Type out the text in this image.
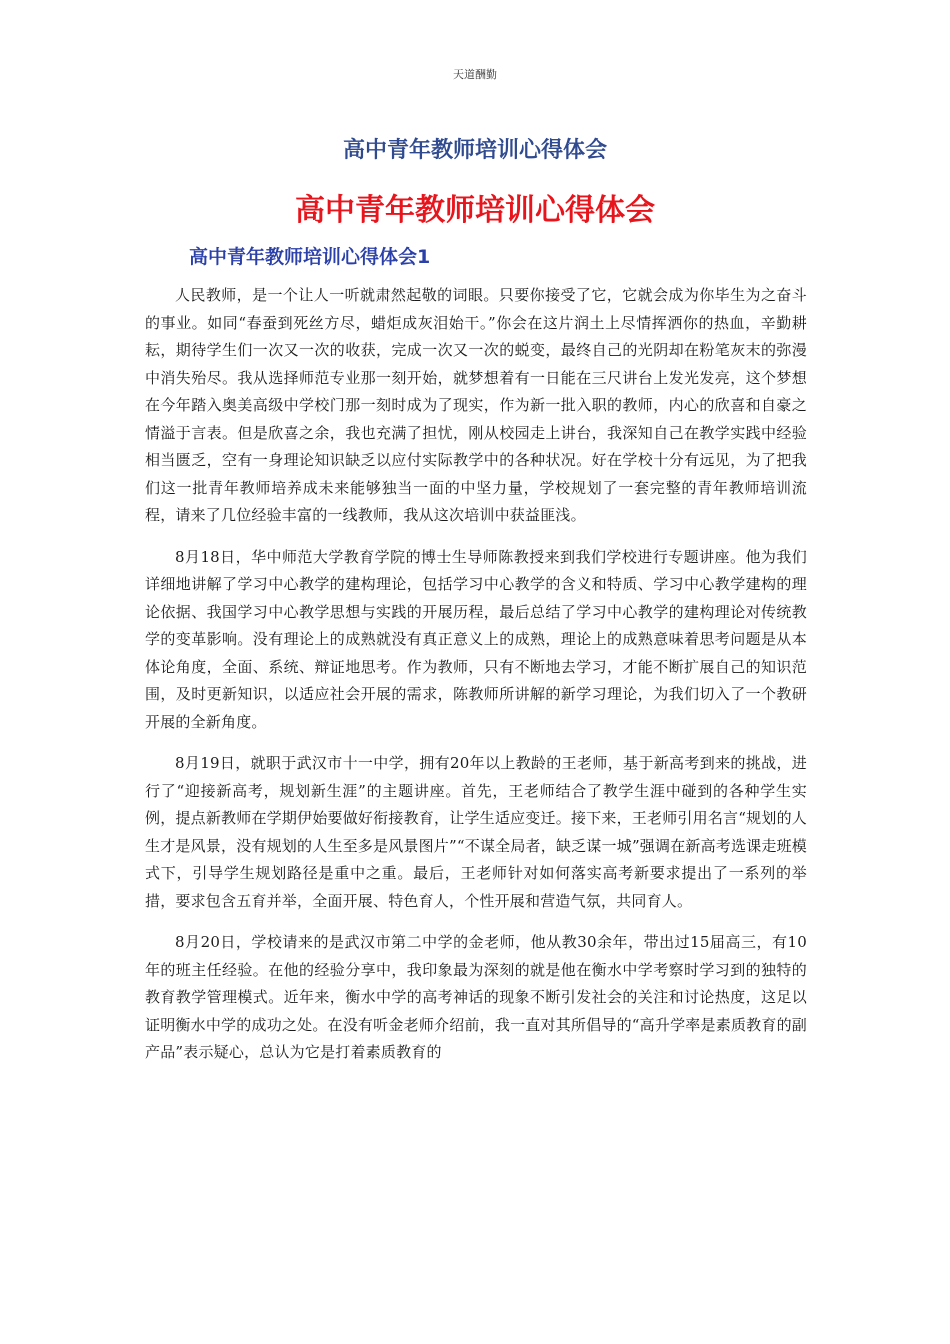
天道酬勤
高中青年教师培训心得体会
高中青年教师培训心得体会
高中青年教师培训心得体会1

人民教师，是一个让人一听就肃然起敬的词眼。只要你接受了它，它就会成为你毕生为之奋斗的事业。如同“春蚕到死丝方尽，蜡炬成灰泪始干。”你会在这片润土上尽情挥洒你的热血，辛勤耕耘，期待学生们一次又一次的收获，完成一次又一次的蜕变，最终自己的光阴却在粉笔灰末的弥漫中消失殆尽。我从选择师范专业那一刻开始，就梦想着有一日能在三尺讲台上发光发亮，这个梦想在今年踏入奥美高级中学校门那一刻时成为了现实，作为新一批入职的教师，内心的欣喜和自豪之情溢于言表。但是欣喜之余，我也充满了担忧，刚从校园走上讲台，我深知自己在教学实践中经验相当匮乏，空有一身理论知识缺乏以应付实际教学中的各种状况。好在学校十分有远见，为了把我们这一批青年教师培养成未来能够独当一面的中坚力量，学校规划了一套完整的青年教师培训流程，请来了几位经验丰富的一线教师，我从这次培训中获益匪浅。

8月18日，华中师范大学教育学院的博士生导师陈教授来到我们学校进行专题讲座。他为我们详细地讲解了学习中心教学的建构理论，包括学习中心教学的含义和特质、学习中心教学建构的理论依据、我国学习中心教学思想与实践的开展历程，最后总结了学习中心教学的建构理论对传统教学的变革影响。没有理论上的成熟就没有真正意义上的成熟，理论上的成熟意味着思考问题是从本体论角度，全面、系统、辩证地思考。作为教师，只有不断地去学习，才能不断扩展自己的知识范围，及时更新知识，以适应社会开展的需求，陈教师所讲解的新学习理论，为我们切入了一个教研开展的全新角度。

8月19日，就职于武汉市十一中学，拥有20年以上教龄的王老师，基于新高考到来的挑战，进行了“迎接新高考，规划新生涯”的主题讲座。首先，王老师结合了教学生涯中碰到的各种学生实例，提点新教师在学期伊始要做好衔接教育，让学生适应变迁。接下来，王老师引用名言“规划的人生才是风景，没有规划的人生至多是风景图片”“不谋全局者，缺乏谋一城”强调在新高考选课走班模式下，引导学生规划路径是重中之重。最后，王老师针对如何落实高考新要求提出了一系列的举措，要求包含五育并举，全面开展、特色育人，个性开展和营造气氛，共同育人。

8月20日，学校请来的是武汉市第二中学的金老师，他从教30余年，带出过15届高三，有10年的班主任经验。在他的经验分享中，我印象最为深刻的就是他在衡水中学考察时学习到的独特的教育教学管理模式。近年来，衡水中学的高考神话的现象不断引发社会的关注和讨论热度，这足以证明衡水中学的成功之处。在没有听金老师介绍前，我一直对其所倡导的“高升学率是素质教育的副产品”表示疑心，总认为它是打着素质教育的
